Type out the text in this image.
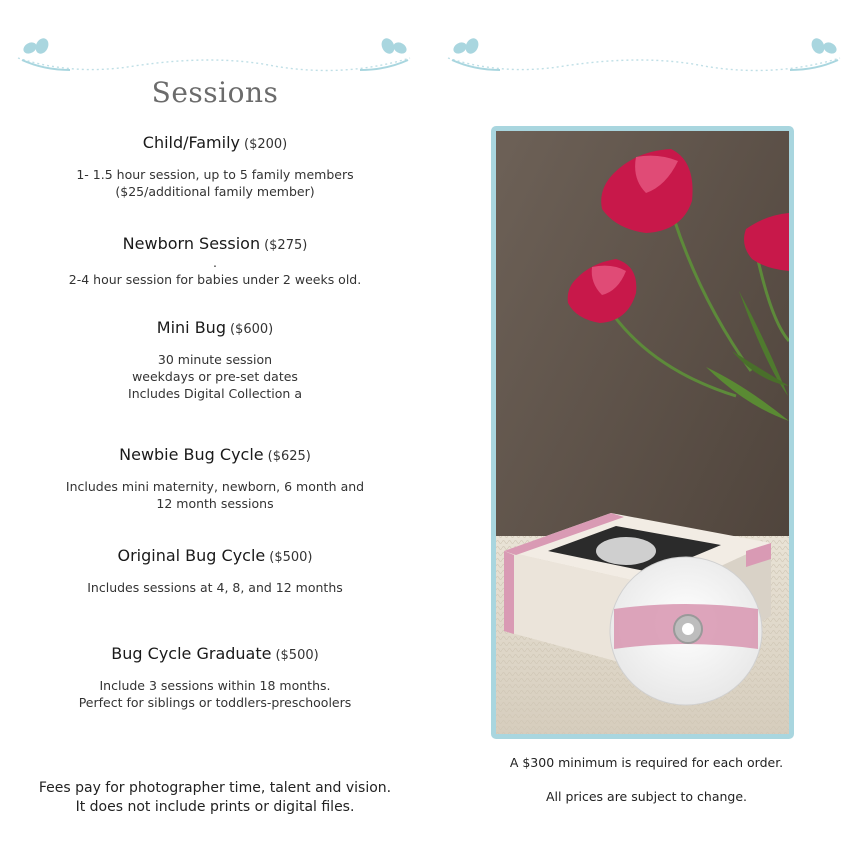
Sessions
Child/Family ($200)
1- 1.5 hour session, up to 5 family members
($25/additional family member)
Newborn Session ($275)
.
2-4 hour session for babies under 2 weeks old.
Mini Bug ($600)
30 minute session
weekdays or pre-set dates
Includes Digital Collection a
Newbie Bug Cycle ($625)
Includes mini maternity, newborn, 6 month and
12 month sessions
Original Bug Cycle ($500)
Includes sessions at 4, 8, and 12 months
Bug Cycle Graduate ($500)
Include 3 sessions within 18 months.
Perfect for siblings or toddlers-preschoolers
Fees pay for photographer time, talent and vision.
It does not include prints or digital files.
A $300 minimum is required for each order.
All prices are subject to change.
